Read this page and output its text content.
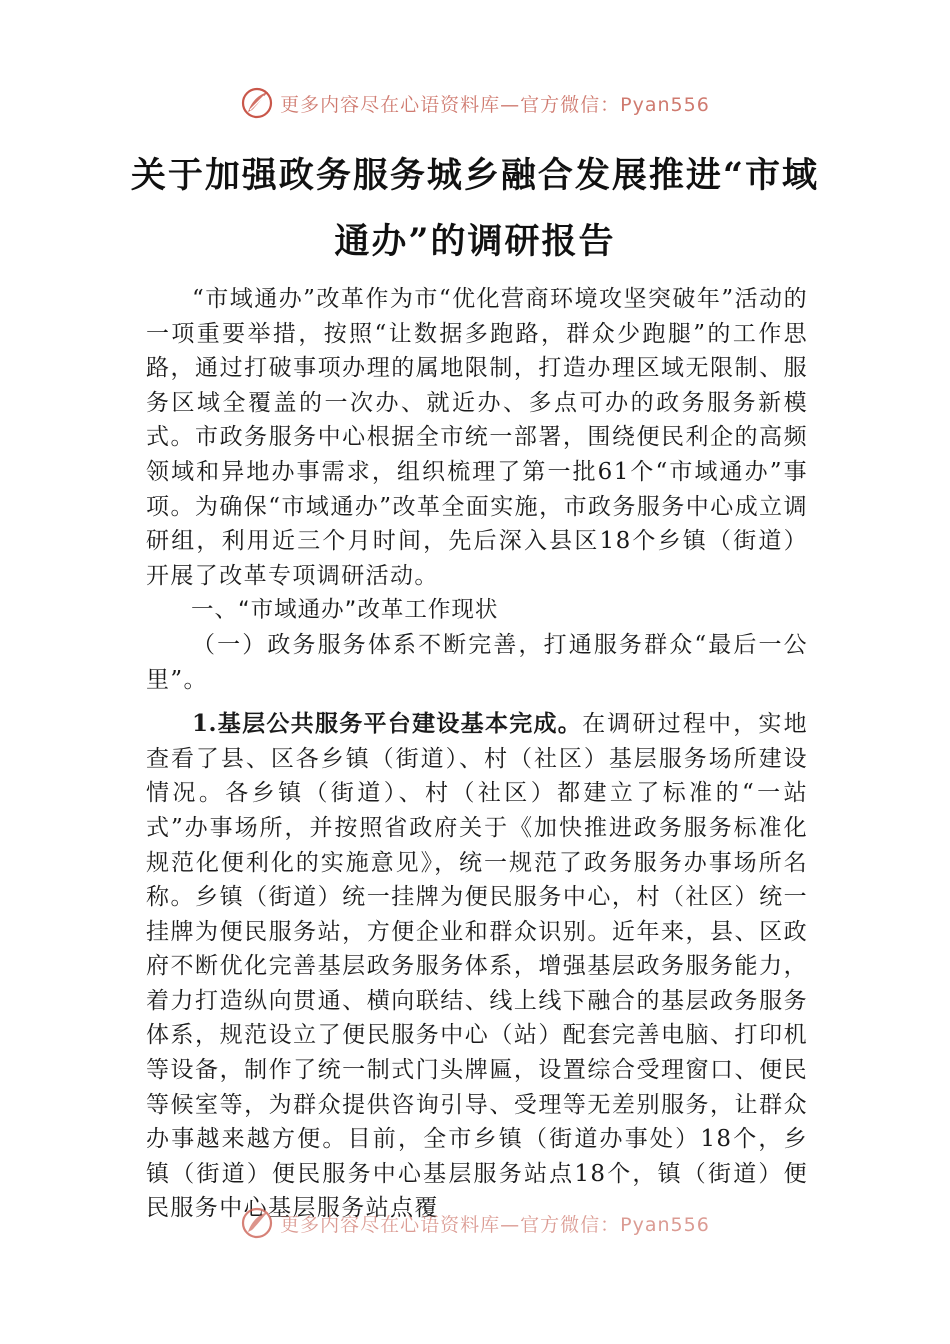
更多内容尽在心语资料库—官方微信：Pyan556
关于加强政务服务城乡融合发展推进“市域通办”的调研报告

“市域通办”改革作为市“优化营商环境攻坚突破年”活动的一项重要举措，按照“让数据多跑路，群众少跑腿”的工作思路，通过打破事项办理的属地限制，打造办理区域无限制、服务区域全覆盖的一次办、就近办、多点可办的政务服务新模式。市政务服务中心根据全市统一部署，围绕便民利企的高频领域和异地办事需求，组织梳理了第一批61个“市域通办”事项。为确保“市域通办”改革全面实施，市政务服务中心成立调研组，利用近三个月时间，先后深入县区18个乡镇（街道）开展了改革专项调研活动。

一、“市域通办”改革工作现状

（一）政务服务体系不断完善，打通服务群众“最后一公里”。

1.基层公共服务平台建设基本完成。在调研过程中，实地查看了县、区各乡镇（街道）、村（社区）基层服务场所建设情况。各乡镇（街道）、村（社区）都建立了标准的“一站式”办事场所，并按照省政府关于《加快推进政务服务标准化规范化便利化的实施意见》，统一规范了政务服务办事场所名称。乡镇（街道）统一挂牌为便民服务中心，村（社区）统一挂牌为便民服务站，方便企业和群众识别。近年来，县、区政府不断优化完善基层政务服务体系，增强基层政务服务能力，着力打造纵向贯通、横向联结、线上线下融合的基层政务服务体系，规范设立了便民服务中心（站）配套完善电脑、打印机等设备，制作了统一制式门头牌匾，设置综合受理窗口、便民等候室等，为群众提供咨询引导、受理等无差别服务，让群众办事越来越方便。目前，全市乡镇（街道办事处）18个，乡镇（街道）便民服务中心基层服务站点18个，镇（街道）便民服务中心基层服务站点覆

更多内容尽在心语资料库—官方微信：Pyan556
